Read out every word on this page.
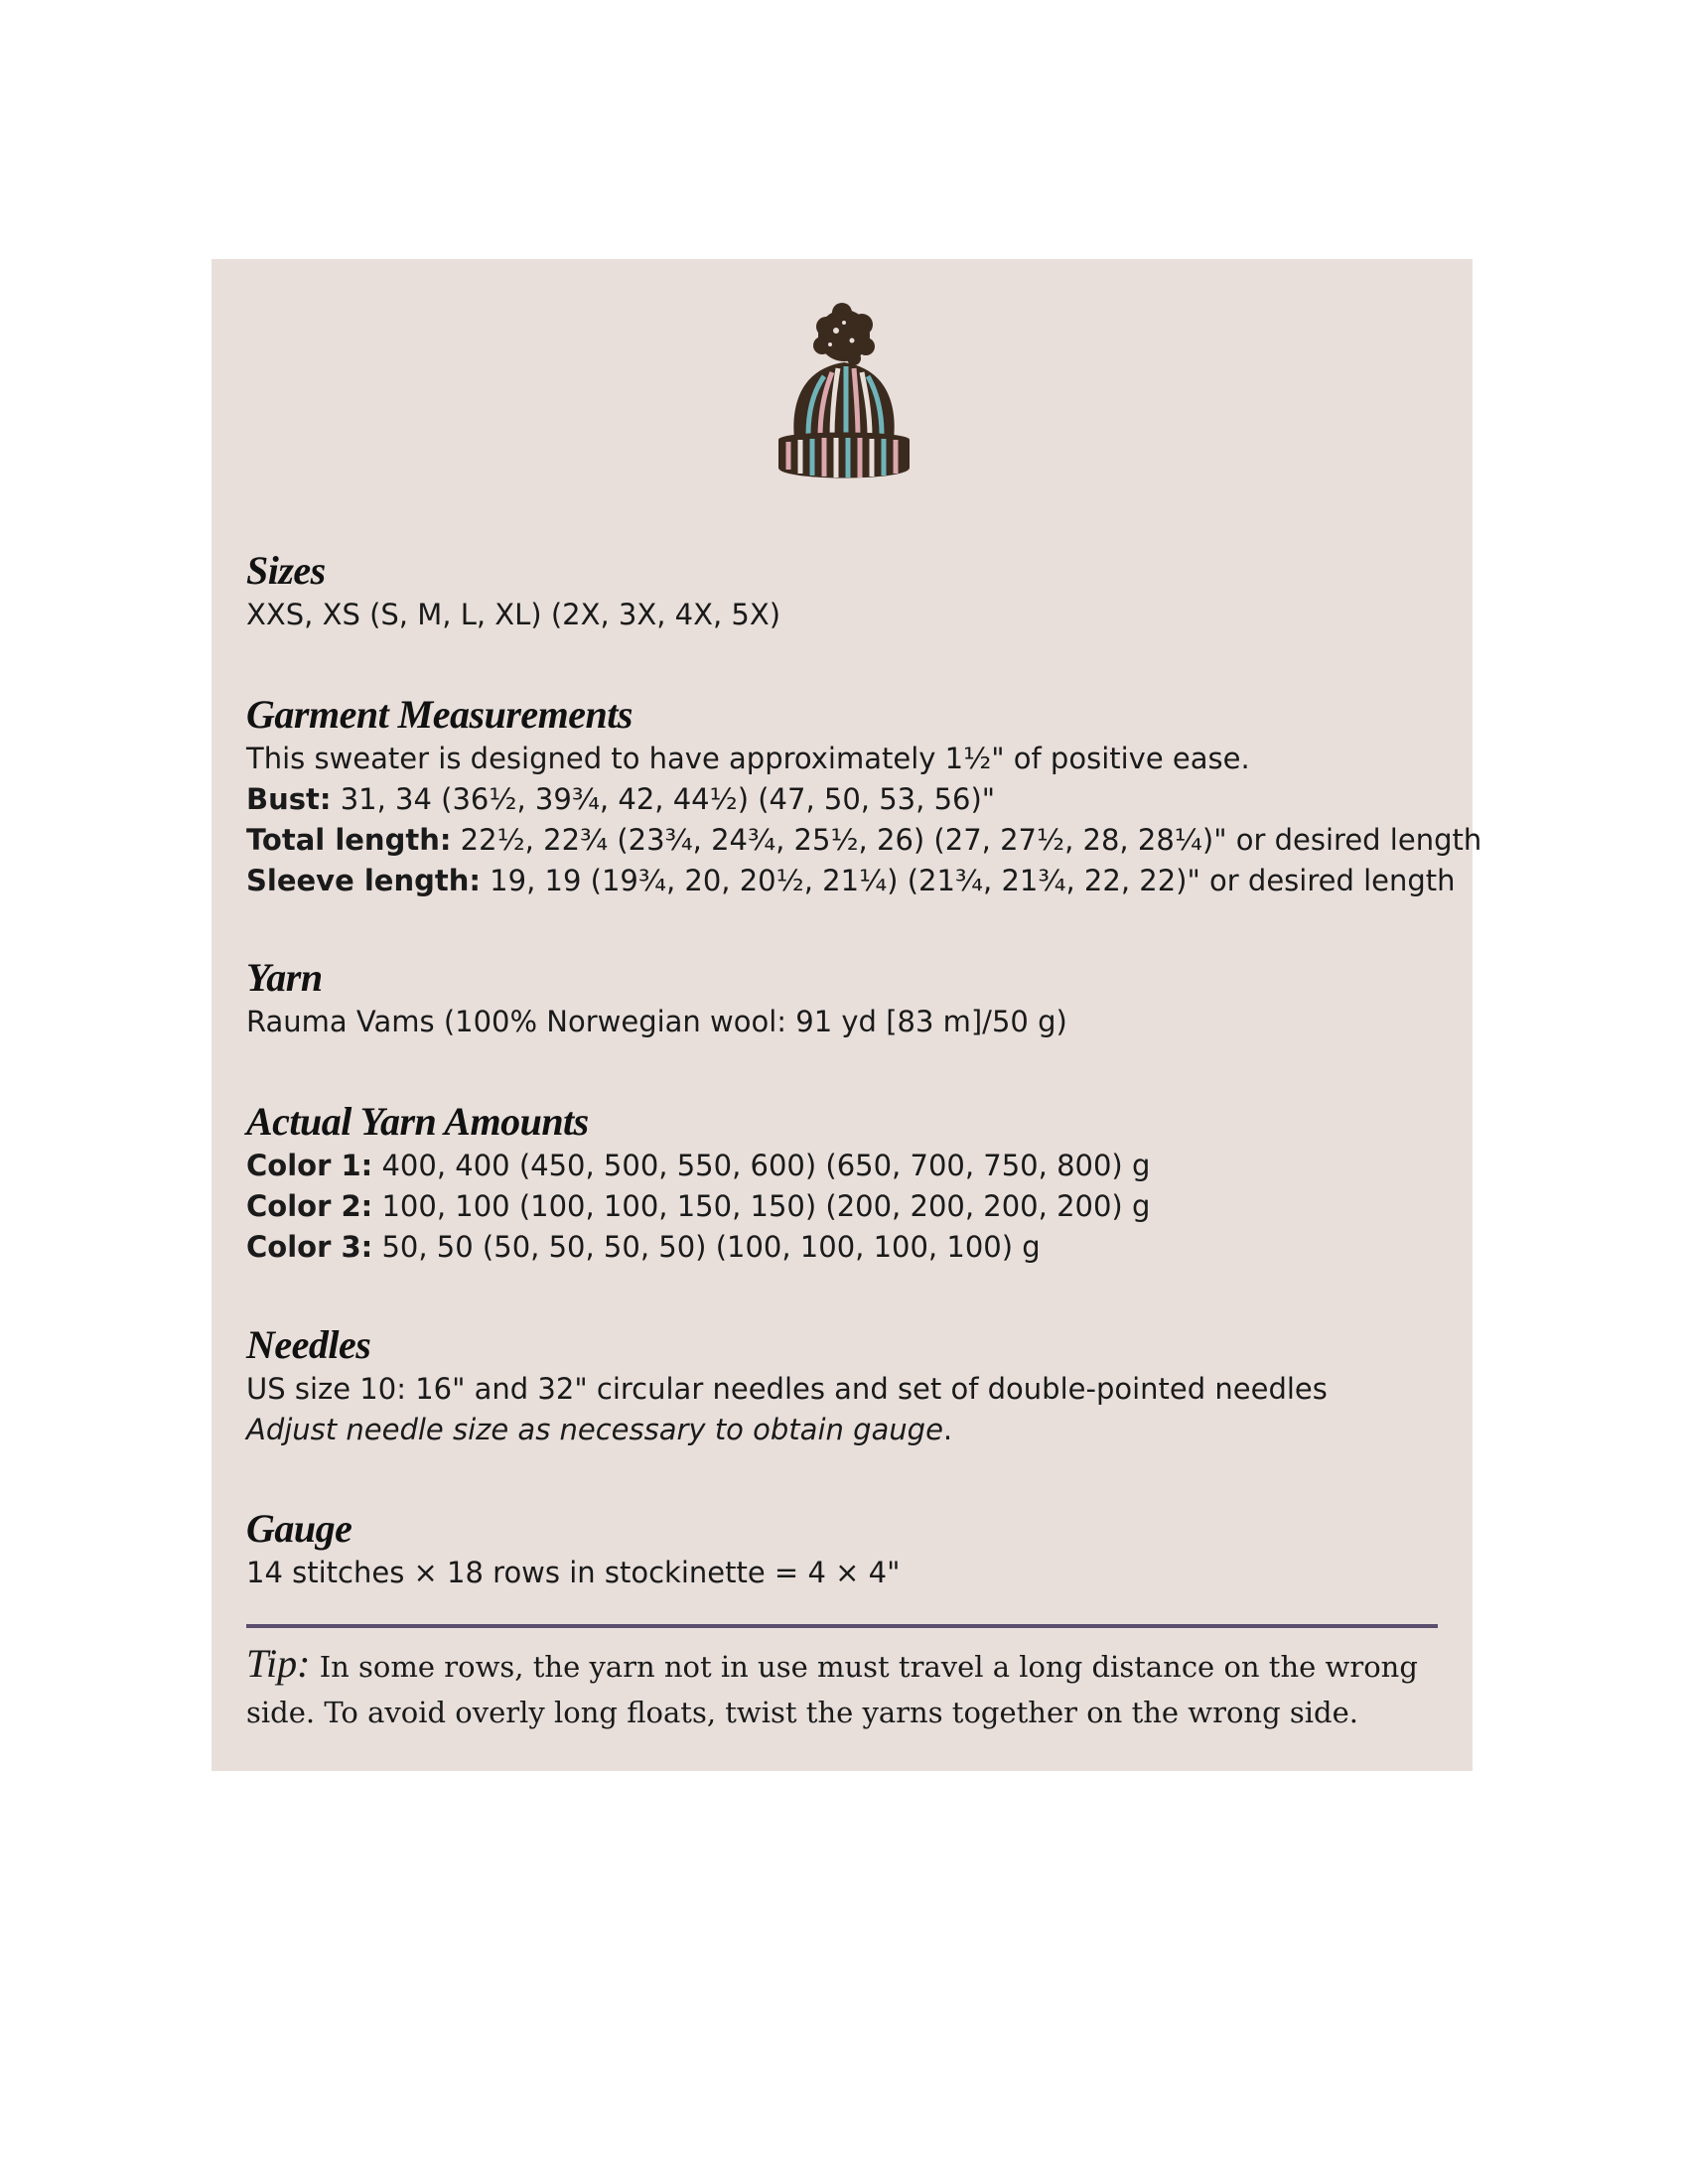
Sizes

XXS, XS (S, M, L, XL) (2X, 3X, 4X, 5X)

Garment Measurements

This sweater is designed to have approximately 1½" of positive ease.

Bust: 31, 34 (36½, 39¾, 42, 44½) (47, 50, 53, 56)"

Total length: 22½, 22¾ (23¾, 24¾, 25½, 26) (27, 27½, 28, 28¼)" or desired length

Sleeve length: 19, 19 (19¾, 20, 20½, 21¼) (21¾, 21¾, 22, 22)" or desired length

Yarn

Rauma Vams (100% Norwegian wool: 91 yd [83 m]/50 g)

Actual Yarn Amounts

Color 1: 400, 400 (450, 500, 550, 600) (650, 700, 750, 800) g

Color 2: 100, 100 (100, 100, 150, 150) (200, 200, 200, 200) g

Color 3: 50, 50 (50, 50, 50, 50) (100, 100, 100, 100) g

Needles

US size 10: 16" and 32" circular needles and set of double-pointed needles

Adjust needle size as necessary to obtain gauge.

Gauge

14 stitches × 18 rows in stockinette = 4 × 4"

Tip: In some rows, the yarn not in use must travel a long distance on the wrong side. To avoid overly long floats, twist the yarns together on the wrong side.
